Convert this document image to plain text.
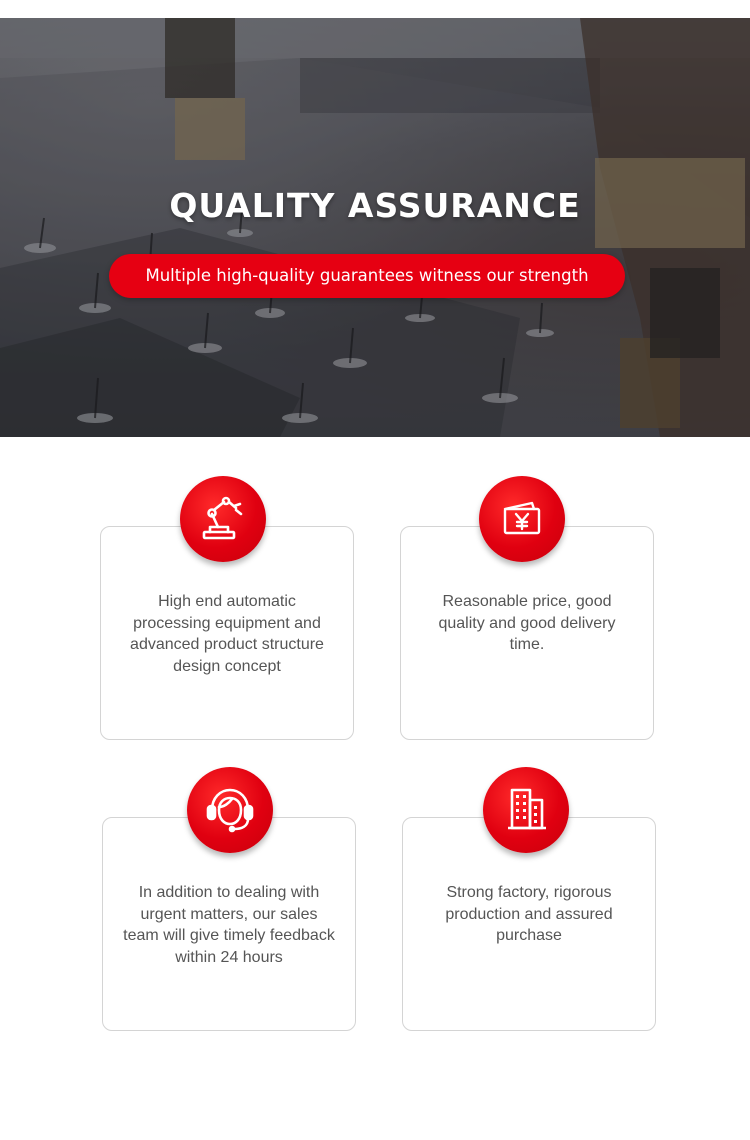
QUALITY ASSURANCE
Multiple high-quality guarantees witness our strength

High end automatic processing equipment and advanced product structure design concept

Reasonable price, good quality and good delivery time.

In addition to dealing with urgent matters, our sales team will give timely feedback within 24 hours

Strong factory, rigorous production and assured purchase
